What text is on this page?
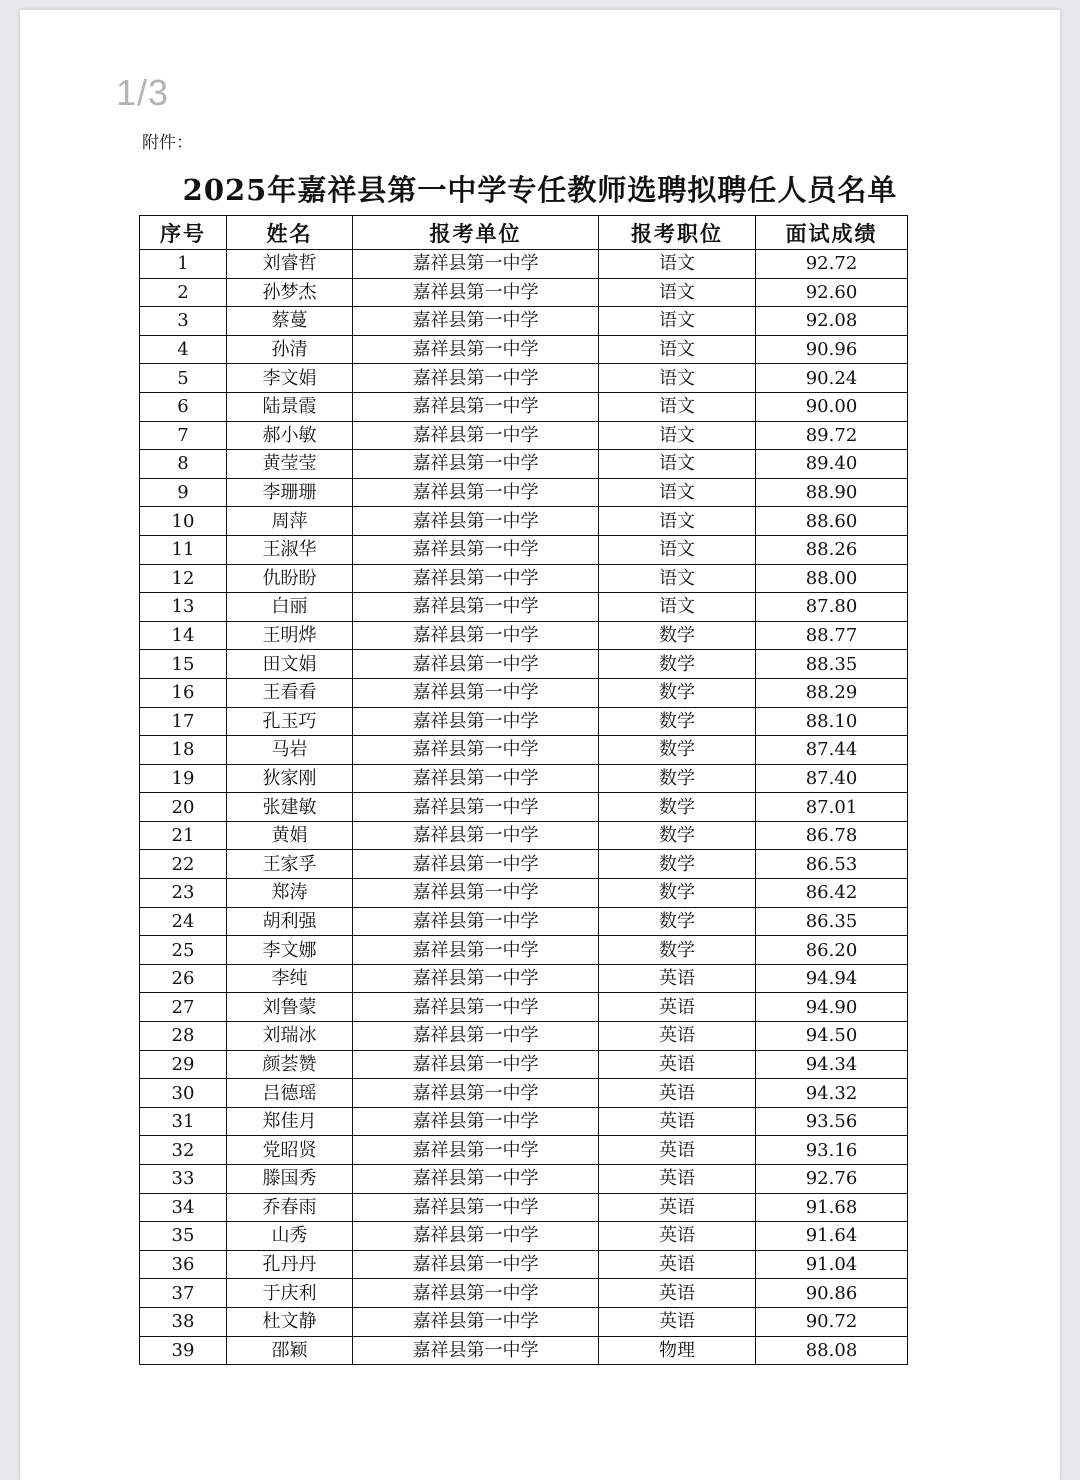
1/3
附件：
2025年嘉祥县第一中学专任教师选聘拟聘任人员名单
序号	姓名	报考单位	报考职位	面试成绩
1	刘睿哲	嘉祥县第一中学	语文	92.72
2	孙梦杰	嘉祥县第一中学	语文	92.60
3	蔡蔓	嘉祥县第一中学	语文	92.08
4	孙清	嘉祥县第一中学	语文	90.96
5	李文娟	嘉祥县第一中学	语文	90.24
6	陆景霞	嘉祥县第一中学	语文	90.00
7	郝小敏	嘉祥县第一中学	语文	89.72
8	黄莹莹	嘉祥县第一中学	语文	89.40
9	李珊珊	嘉祥县第一中学	语文	88.90
10	周萍	嘉祥县第一中学	语文	88.60
11	王淑华	嘉祥县第一中学	语文	88.26
12	仇盼盼	嘉祥县第一中学	语文	88.00
13	白丽	嘉祥县第一中学	语文	87.80
14	王明烨	嘉祥县第一中学	数学	88.77
15	田文娟	嘉祥县第一中学	数学	88.35
16	王看看	嘉祥县第一中学	数学	88.29
17	孔玉巧	嘉祥县第一中学	数学	88.10
18	马岩	嘉祥县第一中学	数学	87.44
19	狄家刚	嘉祥县第一中学	数学	87.40
20	张建敏	嘉祥县第一中学	数学	87.01
21	黄娟	嘉祥县第一中学	数学	86.78
22	王家孚	嘉祥县第一中学	数学	86.53
23	郑涛	嘉祥县第一中学	数学	86.42
24	胡利强	嘉祥县第一中学	数学	86.35
25	李文娜	嘉祥县第一中学	数学	86.20
26	李纯	嘉祥县第一中学	英语	94.94
27	刘鲁蒙	嘉祥县第一中学	英语	94.90
28	刘瑞冰	嘉祥县第一中学	英语	94.50
29	颜荟赞	嘉祥县第一中学	英语	94.34
30	吕德瑶	嘉祥县第一中学	英语	94.32
31	郑佳月	嘉祥县第一中学	英语	93.56
32	党昭贤	嘉祥县第一中学	英语	93.16
33	滕国秀	嘉祥县第一中学	英语	92.76
34	乔春雨	嘉祥县第一中学	英语	91.68
35	山秀	嘉祥县第一中学	英语	91.64
36	孔丹丹	嘉祥县第一中学	英语	91.04
37	于庆利	嘉祥县第一中学	英语	90.86
38	杜文静	嘉祥县第一中学	英语	90.72
39	邵颖	嘉祥县第一中学	物理	88.08
